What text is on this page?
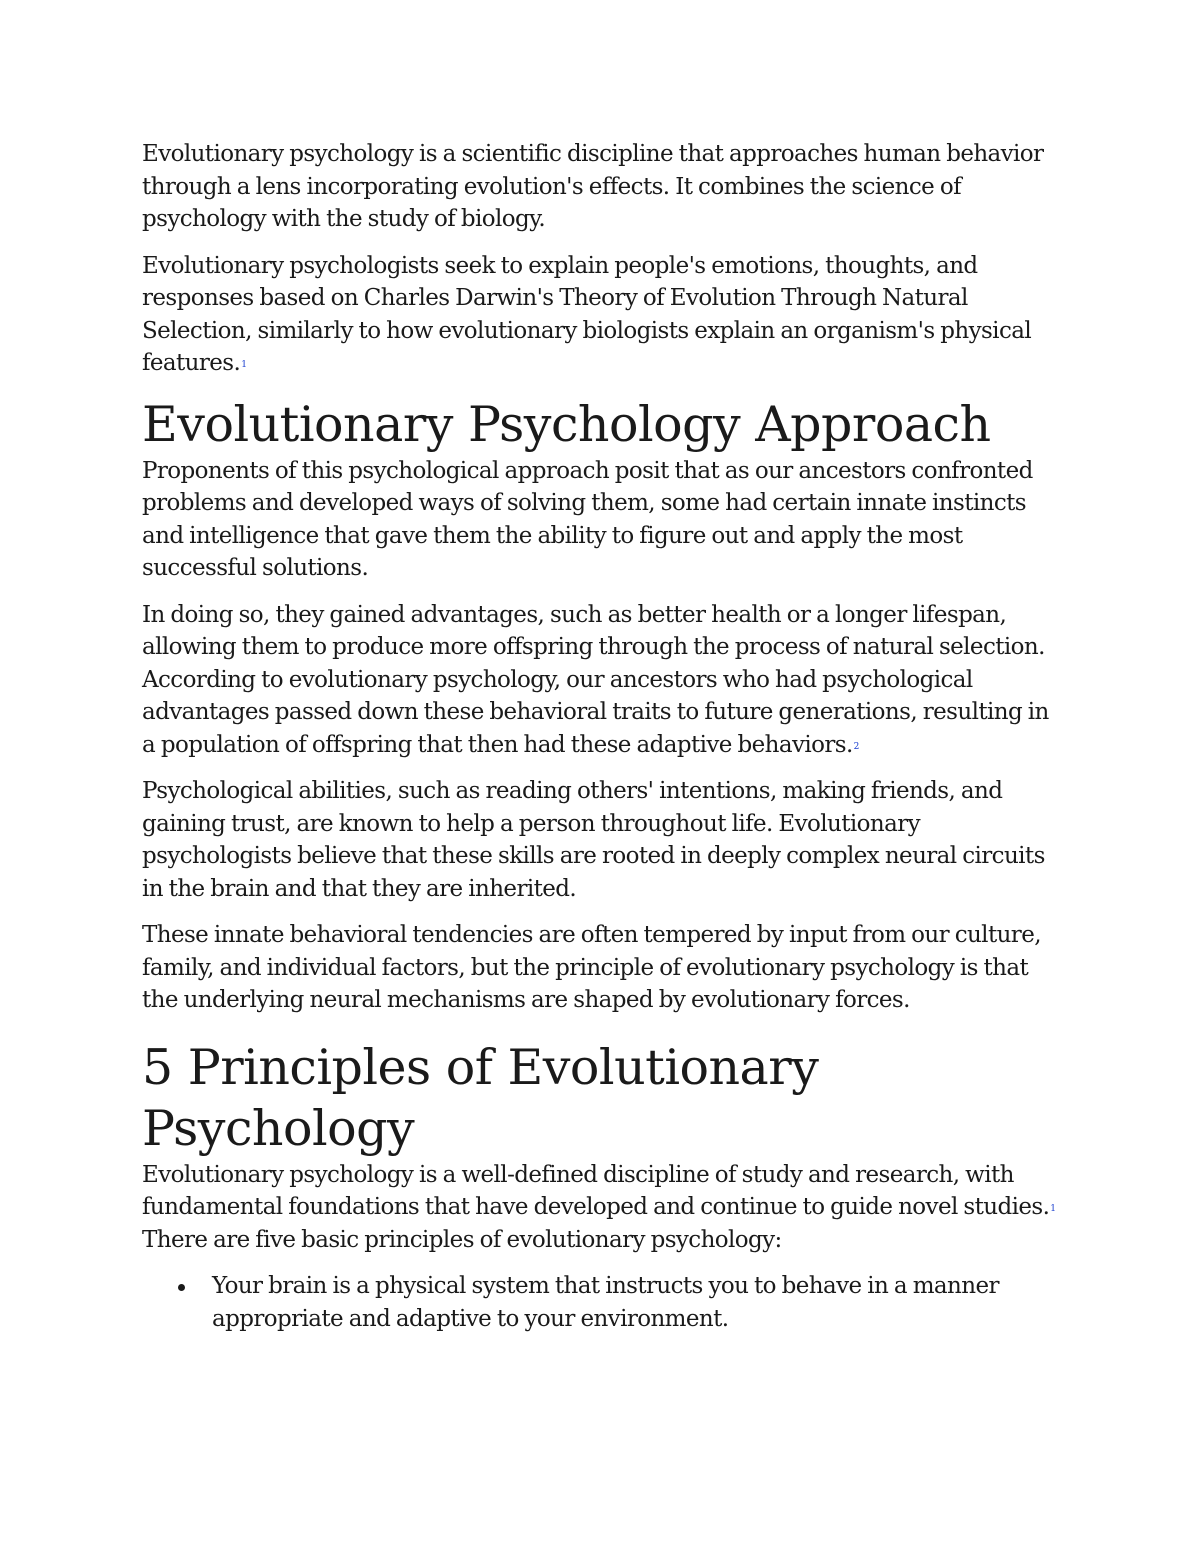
Evolutionary psychology is a scientific discipline that approaches human behavior through a lens incorporating evolution's effects. It combines the science of psychology with the study of biology.

Evolutionary psychologists seek to explain people's emotions, thoughts, and responses based on Charles Darwin's Theory of Evolution Through Natural Selection, similarly to how evolutionary biologists explain an organism's physical features.$^1$

Evolutionary Psychology Approach

Proponents of this psychological approach posit that as our ancestors confronted problems and developed ways of solving them, some had certain innate instincts and intelligence that gave them the ability to figure out and apply the most successful solutions.

In doing so, they gained advantages, such as better health or a longer lifespan, allowing them to produce more offspring through the process of natural selection. According to evolutionary psychology, our ancestors who had psychological advantages passed down these behavioral traits to future generations, resulting in a population of offspring that then had these adaptive behaviors.$^2$

Psychological abilities, such as reading others' intentions, making friends, and gaining trust, are known to help a person throughout life. Evolutionary psychologists believe that these skills are rooted in deeply complex neural circuits in the brain and that they are inherited.

These innate behavioral tendencies are often tempered by input from our culture, family, and individual factors, but the principle of evolutionary psychology is that the underlying neural mechanisms are shaped by evolutionary forces.

5 Principles of Evolutionary Psychology

Evolutionary psychology is a well-defined discipline of study and research, with fundamental foundations that have developed and continue to guide novel studies.$^1$ There are five basic principles of evolutionary psychology:

Your brain is a physical system that instructs you to behave in a manner appropriate and adaptive to your environment.
